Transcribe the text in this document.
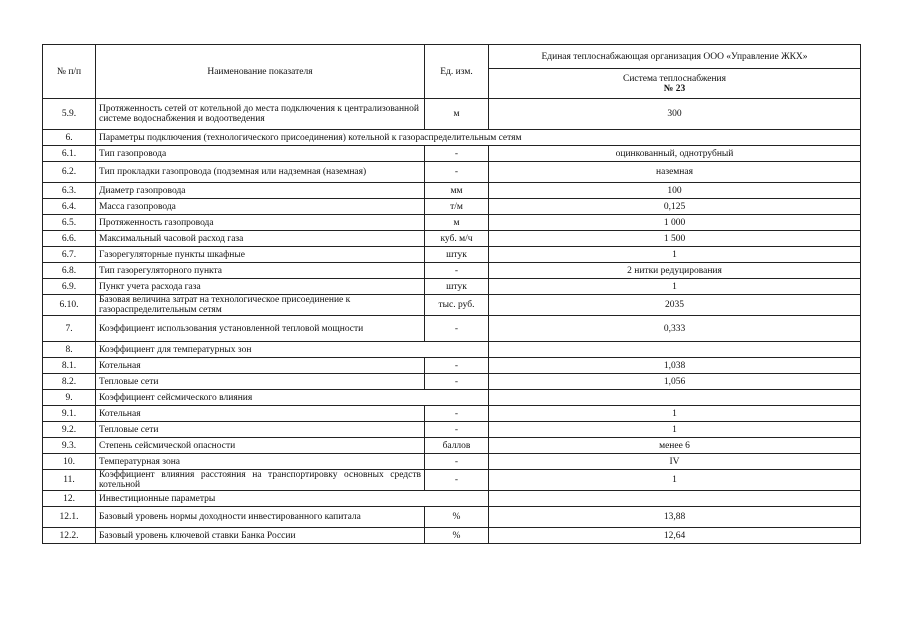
№ п/п	Наименование показателя	Ед. изм.	Единая теплоснабжающая организация ООО «Управление ЖКХ»

			Система теплоснабжения
№ 23

5.9.	Протяженность сетей от котельной до места подключения к централизованной системе водоснабжения и водоотведения	м	300
6.	Параметры подключения (технологического присоединения) котельной к газораспределительным сетям		
6.1.	Тип газопровода	-	оцинкованный, однотрубный
6.2.	Тип прокладки газопровода (подземная или надземная (наземная)	-	наземная
6.3.	Диаметр газопровода	мм	100
6.4.	Масса газопровода	т/м	0,125
6.5.	Протяженность газопровода	м	1 000
6.6.	Максимальный часовой расход газа	куб. м/ч	1 500
6.7.	Газорегуляторные пункты шкафные	штук	1
6.8.	Тип газорегуляторного пункта	-	2 нитки редуцирования
6.9.	Пункт учета расхода газа	штук	1
6.10.	Базовая величина затрат на технологическое присоединение к газораспределительным сетям	тыс. руб.	2035
7.	Коэффициент использования установленной тепловой мощности	-	0,333
8.	Коэффициент для температурных зон		
8.1.	Котельная	-	1,038
8.2.	Тепловые сети	-	1,056
9.	Коэффициент сейсмического влияния		
9.1.	Котельная	-	1
9.2.	Тепловые сети	-	1
9.3.	Степень сейсмической опасности	баллов	менее 6
10.	Температурная зона	-	IV
11.	Коэффициент влияния расстояния на транспортировку основных средств котельной	-	1
12.	Инвестиционные параметры		
12.1.	Базовый уровень нормы доходности инвестированного капитала	%	13,88
12.2.	Базовый уровень ключевой ставки Банка России	%	12,64
